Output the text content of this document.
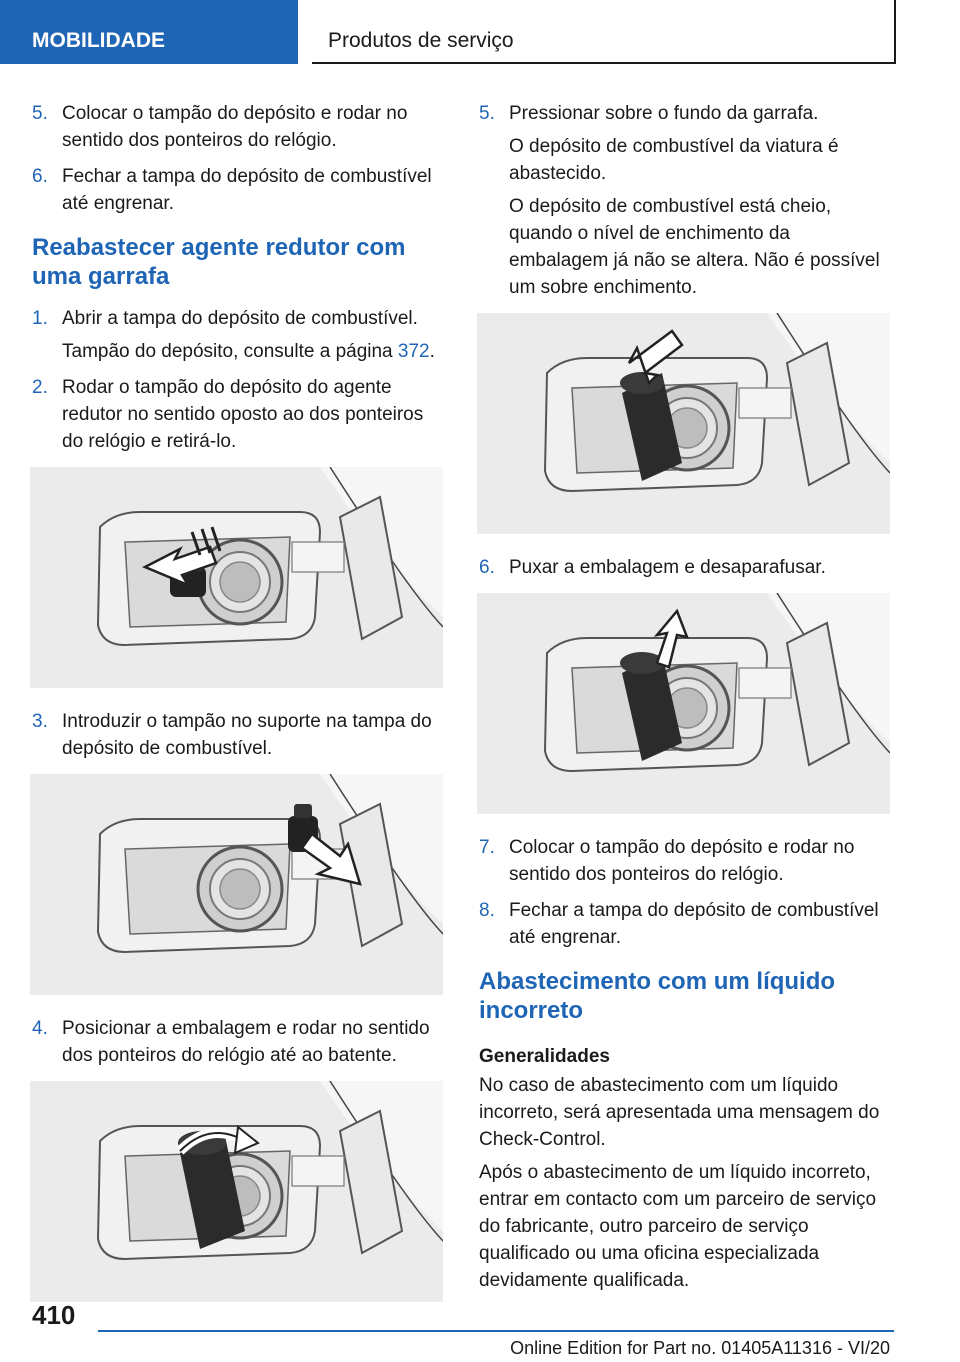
MOBILIDADE	Produtos de serviço
5. Colocar o tampão do depósito e rodar no sentido dos ponteiros do relógio.

6. Fechar a tampa do depósito de combustível até engrenar.

Reabastecer agente redutor com uma garrafa
1. Abrir a tampa do depósito de combustível.

Tampão do depósito, consulte a página 372.

2. Rodar o tampão do depósito do agente redutor no sentido oposto ao dos ponteiros do relógio e retirá-lo.

3. Introduzir o tampão no suporte na tampa do depósito de combustível.

4. Posicionar a embalagem e rodar no sentido dos ponteiros do relógio até ao batente.

5. Pressionar sobre o fundo da garrafa.

O depósito de combustível da viatura é abastecido.

O depósito de combustível está cheio, quando o nível de enchimento da embalagem já não se altera. Não é possível um sobre enchimento.

6. Puxar a embalagem e desaparafusar.

7. Colocar o tampão do depósito e rodar no sentido dos ponteiros do relógio.

8. Fechar a tampa do depósito de combustível até engrenar.

Abastecimento com um líquido incorreto
Generalidades

No caso de abastecimento com um líquido incorreto, será apresentada uma mensagem do Check-Control.

Após o abastecimento de um líquido incorreto, entrar em contacto com um parceiro de serviço do fabricante, outro parceiro de serviço qualificado ou uma oficina especializada devidamente qualificada.

410
Online Edition for Part no. 01405A11316 - VI/20
